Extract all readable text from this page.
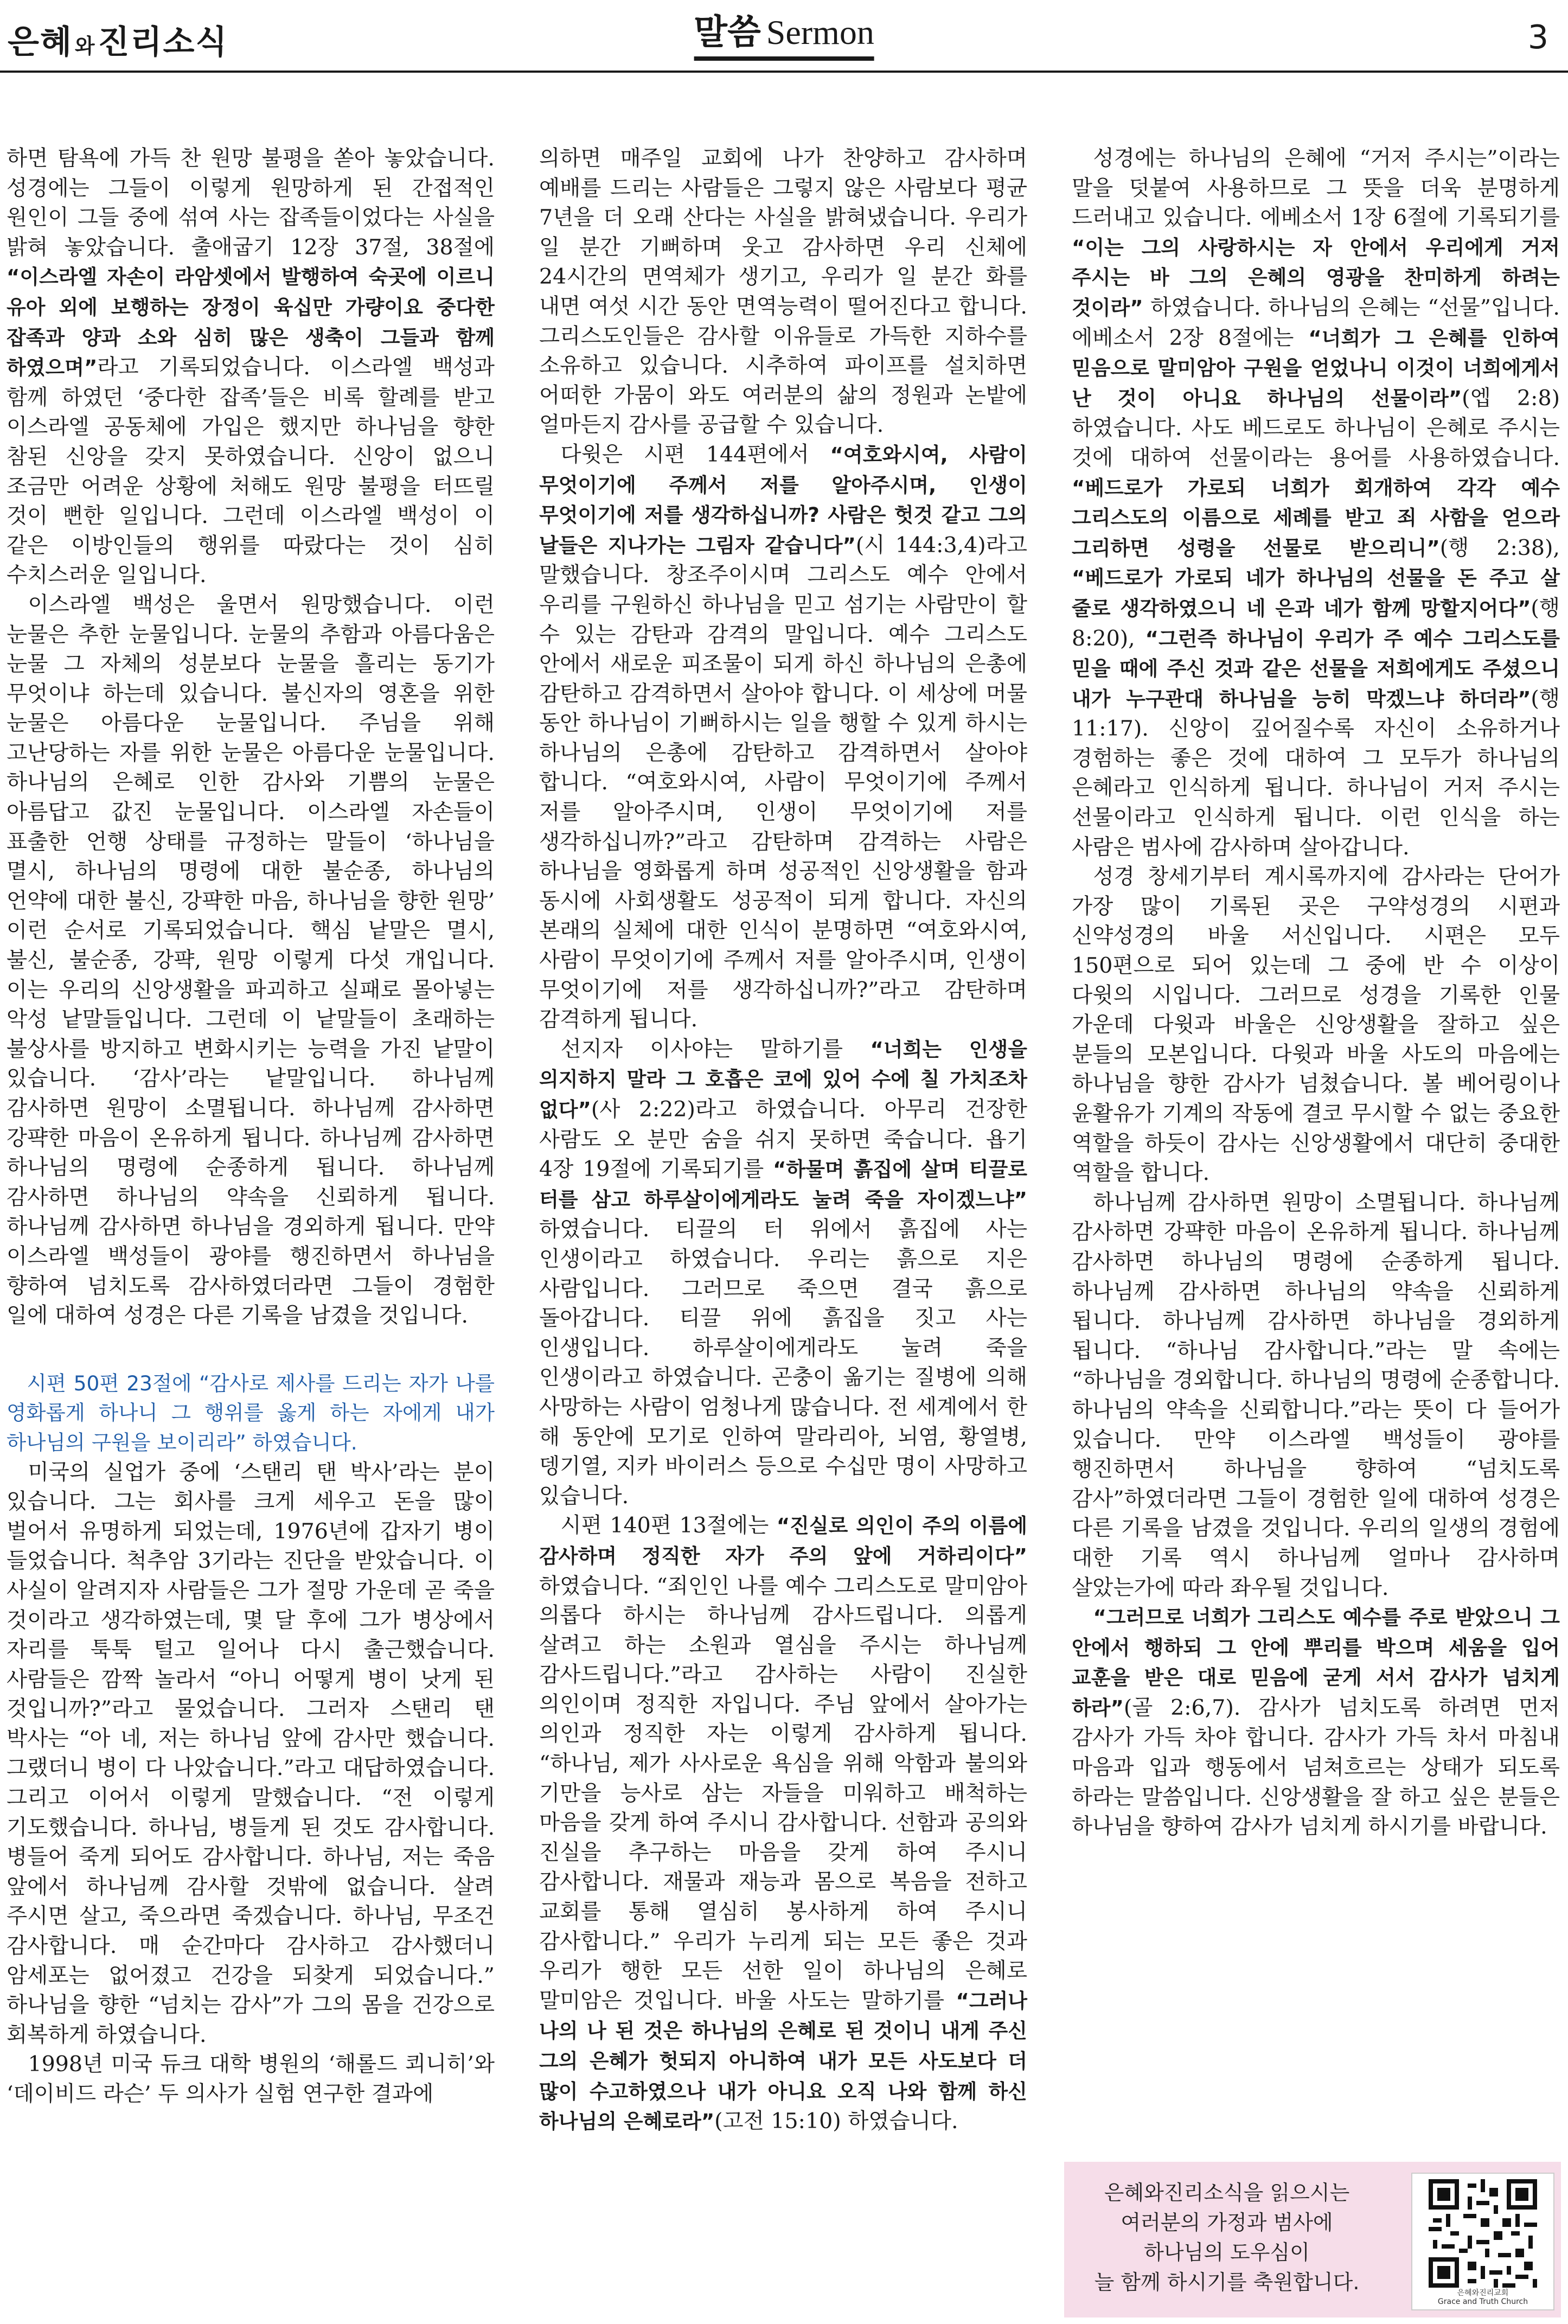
은혜 와진리소식	말씀 Sermon	3

하면 탐욕에 가득 찬 원망 불평을 쏟아 놓았습니다. 성경에는 그들이 이렇게 원망하게 된 간접적인 원인이 그들 중에 섞여 사는 잡족들이었다는 사실을 밝혀 놓았습니다. 출애굽기 12장 37절, 38절에 “이스라엘 자손이 라암셋에서 발행하여 숙곳에 이르니 유아 외에 보행하는 장정이 육십만 가량이요 중다한 잡족과 양과 소와 심히 많은 생축이 그들과 함께 하였으며”라고 기록되었습니다. 이스라엘 백성과 함께 하였던 ‘중다한 잡족’들은 비록 할례를 받고 이스라엘 공동체에 가입은 했지만 하나님을 향한 참된 신앙을 갖지 못하였습니다. 신앙이 없으니 조금만 어려운 상황에 처해도 원망 불평을 터뜨릴 것이 뻔한 일입니다. 그런데 이스라엘 백성이 이 같은 이방인들의 행위를 따랐다는 것이 심히 수치스러운 일입니다.

이스라엘 백성은 울면서 원망했습니다. 이런 눈물은 추한 눈물입니다. 눈물의 추함과 아름다움은 눈물 그 자체의 성분보다 눈물을 흘리는 동기가 무엇이냐 하는데 있습니다. 불신자의 영혼을 위한 눈물은 아름다운 눈물입니다. 주님을 위해 고난당하는 자를 위한 눈물은 아름다운 눈물입니다. 하나님의 은혜로 인한 감사와 기쁨의 눈물은 아름답고 값진 눈물입니다. 이스라엘 자손들이 표출한 언행 상태를 규정하는 말들이 ‘하나님을 멸시, 하나님의 명령에 대한 불순종, 하나님의 언약에 대한 불신, 강퍅한 마음, 하나님을 향한 원망’ 이런 순서로 기록되었습니다. 핵심 낱말은 멸시, 불신, 불순종, 강퍅, 원망 이렇게 다섯 개입니다. 이는 우리의 신앙생활을 파괴하고 실패로 몰아넣는 악성 낱말들입니다. 그런데 이 낱말들이 초래하는 불상사를 방지하고 변화시키는 능력을 가진 낱말이 있습니다. ‘감사’라는 낱말입니다. 하나님께 감사하면 원망이 소멸됩니다. 하나님께 감사하면 강퍅한 마음이 온유하게 됩니다. 하나님께 감사하면 하나님의 명령에 순종하게 됩니다. 하나님께 감사하면 하나님의 약속을 신뢰하게 됩니다. 하나님께 감사하면 하나님을 경외하게 됩니다. 만약 이스라엘 백성들이 광야를 행진하면서 하나님을 향하여 넘치도록 감사하였더라면 그들이 경험한 일에 대하여 성경은 다른 기록을 남겼을 것입니다.

시편 50편 23절에 “감사로 제사를 드리는 자가 나를 영화롭게 하나니 그 행위를 옳게 하는 자에게 내가 하나님의 구원을 보이리라” 하였습니다.

미국의 실업가 중에 ‘스탠리 탠 박사’라는 분이 있습니다. 그는 회사를 크게 세우고 돈을 많이 벌어서 유명하게 되었는데, 1976년에 갑자기 병이 들었습니다. 척추암 3기라는 진단을 받았습니다. 이 사실이 알려지자 사람들은 그가 절망 가운데 곧 죽을 것이라고 생각하였는데, 몇 달 후에 그가 병상에서 자리를 툭툭 털고 일어나 다시 출근했습니다. 사람들은 깜짝 놀라서 “아니 어떻게 병이 낫게 된 것입니까?”라고 물었습니다. 그러자 스탠리 탠 박사는 “아 네, 저는 하나님 앞에 감사만 했습니다. 그랬더니 병이 다 나았습니다.”라고 대답하였습니다. 그리고 이어서 이렇게 말했습니다. “전 이렇게 기도했습니다. 하나님, 병들게 된 것도 감사합니다. 병들어 죽게 되어도 감사합니다. 하나님, 저는 죽음 앞에서 하나님께 감사할 것밖에 없습니다. 살려 주시면 살고, 죽으라면 죽겠습니다. 하나님, 무조건 감사합니다. 매 순간마다 감사하고 감사했더니 암세포는 없어졌고 건강을 되찾게 되었습니다.” 하나님을 향한 “넘치는 감사”가 그의 몸을 건강으로 회복하게 하였습니다.

1998년 미국 듀크 대학 병원의 ‘해롤드 쾨니히’와 ‘데이비드 라슨’ 두 의사가 실험 연구한 결과에

의하면 매주일 교회에 나가 찬양하고 감사하며 예배를 드리는 사람들은 그렇지 않은 사람보다 평균 7년을 더 오래 산다는 사실을 밝혀냈습니다. 우리가 일 분간 기뻐하며 웃고 감사하면 우리 신체에 24시간의 면역체가 생기고, 우리가 일 분간 화를 내면 여섯 시간 동안 면역능력이 떨어진다고 합니다. 그리스도인들은 감사할 이유들로 가득한 지하수를 소유하고 있습니다. 시추하여 파이프를 설치하면 어떠한 가뭄이 와도 여러분의 삶의 정원과 논밭에 얼마든지 감사를 공급할 수 있습니다.

다윗은 시편 144편에서 “여호와시여, 사람이 무엇이기에 주께서 저를 알아주시며, 인생이 무엇이기에 저를 생각하십니까? 사람은 헛것 같고 그의 날들은 지나가는 그림자 같습니다”(시 144:3,4)라고 말했습니다. 창조주이시며 그리스도 예수 안에서 우리를 구원하신 하나님을 믿고 섬기는 사람만이 할 수 있는 감탄과 감격의 말입니다. 예수 그리스도 안에서 새로운 피조물이 되게 하신 하나님의 은총에 감탄하고 감격하면서 살아야 합니다. 이 세상에 머물 동안 하나님이 기뻐하시는 일을 행할 수 있게 하시는 하나님의 은총에 감탄하고 감격하면서 살아야 합니다. “여호와시여, 사람이 무엇이기에 주께서 저를 알아주시며, 인생이 무엇이기에 저를 생각하십니까?”라고 감탄하며 감격하는 사람은 하나님을 영화롭게 하며 성공적인 신앙생활을 함과 동시에 사회생활도 성공적이 되게 합니다. 자신의 본래의 실체에 대한 인식이 분명하면 “여호와시여, 사람이 무엇이기에 주께서 저를 알아주시며, 인생이 무엇이기에 저를 생각하십니까?”라고 감탄하며 감격하게 됩니다.

선지자 이사야는 말하기를 “너희는 인생을 의지하지 말라 그 호흡은 코에 있어 수에 칠 가치조차 없다”(사 2:22)라고 하였습니다. 아무리 건장한 사람도 오 분만 숨을 쉬지 못하면 죽습니다. 욥기 4장 19절에 기록되기를 “하물며 흙집에 살며 티끌로 터를 삼고 하루살이에게라도 눌려 죽을 자이겠느냐” 하였습니다. 티끌의 터 위에서 흙집에 사는 인생이라고 하였습니다. 우리는 흙으로 지은 사람입니다. 그러므로 죽으면 결국 흙으로 돌아갑니다. 티끌 위에 흙집을 짓고 사는 인생입니다. 하루살이에게라도 눌려 죽을 인생이라고 하였습니다. 곤충이 옮기는 질병에 의해 사망하는 사람이 엄청나게 많습니다. 전 세계에서 한 해 동안에 모기로 인하여 말라리아, 뇌염, 황열병, 뎅기열, 지카 바이러스 등으로 수십만 명이 사망하고 있습니다.

시편 140편 13절에는 “진실로 의인이 주의 이름에 감사하며 정직한 자가 주의 앞에 거하리이다” 하였습니다. “죄인인 나를 예수 그리스도로 말미암아 의롭다 하시는 하나님께 감사드립니다. 의롭게 살려고 하는 소원과 열심을 주시는 하나님께 감사드립니다.”라고 감사하는 사람이 진실한 의인이며 정직한 자입니다. 주님 앞에서 살아가는 의인과 정직한 자는 이렇게 감사하게 됩니다. “하나님, 제가 사사로운 욕심을 위해 악함과 불의와 기만을 능사로 삼는 자들을 미워하고 배척하는 마음을 갖게 하여 주시니 감사합니다. 선함과 공의와 진실을 추구하는 마음을 갖게 하여 주시니 감사합니다. 재물과 재능과 몸으로 복음을 전하고 교회를 통해 열심히 봉사하게 하여 주시니 감사합니다.” 우리가 누리게 되는 모든 좋은 것과 우리가 행한 모든 선한 일이 하나님의 은혜로 말미암은 것입니다. 바울 사도는 말하기를 “그러나 나의 나 된 것은 하나님의 은혜로 된 것이니 내게 주신 그의 은혜가 헛되지 아니하여 내가 모든 사도보다 더 많이 수고하였으나 내가 아니요 오직 나와 함께 하신 하나님의 은혜로라”(고전 15:10) 하였습니다.

성경에는 하나님의 은혜에 “거저 주시는”이라는 말을 덧붙여 사용하므로 그 뜻을 더욱 분명하게 드러내고 있습니다. 에베소서 1장 6절에 기록되기를 “이는 그의 사랑하시는 자 안에서 우리에게 거저 주시는 바 그의 은혜의 영광을 찬미하게 하려는 것이라” 하였습니다. 하나님의 은혜는 “선물”입니다. 에베소서 2장 8절에는 “너희가 그 은혜를 인하여 믿음으로 말미암아 구원을 얻었나니 이것이 너희에게서 난 것이 아니요 하나님의 선물이라”(엡 2:8) 하였습니다. 사도 베드로도 하나님이 은혜로 주시는 것에 대하여 선물이라는 용어를 사용하였습니다. “베드로가 가로되 너희가 회개하여 각각 예수 그리스도의 이름으로 세례를 받고 죄 사함을 얻으라 그리하면 성령을 선물로 받으리니”(행 2:38), “베드로가 가로되 네가 하나님의 선물을 돈 주고 살 줄로 생각하였으니 네 은과 네가 함께 망할지어다”(행 8:20), “그런즉 하나님이 우리가 주 예수 그리스도를 믿을 때에 주신 것과 같은 선물을 저희에게도 주셨으니 내가 누구관대 하나님을 능히 막겠느냐 하더라”(행 11:17). 신앙이 깊어질수록 자신이 소유하거나 경험하는 좋은 것에 대하여 그 모두가 하나님의 은혜라고 인식하게 됩니다. 하나님이 거저 주시는 선물이라고 인식하게 됩니다. 이런 인식을 하는 사람은 범사에 감사하며 살아갑니다.

성경 창세기부터 계시록까지에 감사라는 단어가 가장 많이 기록된 곳은 구약성경의 시편과 신약성경의 바울 서신입니다. 시편은 모두 150편으로 되어 있는데 그 중에 반 수 이상이 다윗의 시입니다. 그러므로 성경을 기록한 인물 가운데 다윗과 바울은 신앙생활을 잘하고 싶은 분들의 모본입니다. 다윗과 바울 사도의 마음에는 하나님을 향한 감사가 넘쳤습니다. 볼 베어링이나 윤활유가 기계의 작동에 결코 무시할 수 없는 중요한 역할을 하듯이 감사는 신앙생활에서 대단히 중대한 역할을 합니다.

하나님께 감사하면 원망이 소멸됩니다. 하나님께 감사하면 강퍅한 마음이 온유하게 됩니다. 하나님께 감사하면 하나님의 명령에 순종하게 됩니다. 하나님께 감사하면 하나님의 약속을 신뢰하게 됩니다. 하나님께 감사하면 하나님을 경외하게 됩니다. “하나님 감사합니다.”라는 말 속에는 “하나님을 경외합니다. 하나님의 명령에 순종합니다. 하나님의 약속을 신뢰합니다.”라는 뜻이 다 들어가 있습니다. 만약 이스라엘 백성들이 광야를 행진하면서 하나님을 향하여 “넘치도록 감사”하였더라면 그들이 경험한 일에 대하여 성경은 다른 기록을 남겼을 것입니다. 우리의 일생의 경험에 대한 기록 역시 하나님께 얼마나 감사하며 살았는가에 따라 좌우될 것입니다.

“그러므로 너희가 그리스도 예수를 주로 받았으니 그 안에서 행하되 그 안에 뿌리를 박으며 세움을 입어 교훈을 받은 대로 믿음에 굳게 서서 감사가 넘치게 하라”(골 2:6,7). 감사가 넘치도록 하려면 먼저 감사가 가득 차야 합니다. 감사가 가득 차서 마침내 마음과 입과 행동에서 넘쳐흐르는 상태가 되도록 하라는 말씀입니다. 신앙생활을 잘 하고 싶은 분들은 하나님을 향하여 감사가 넘치게 하시기를 바랍니다.

은혜와진리소식을 읽으시는
여러분의 가정과 범사에
하나님의 도우심이
늘 함께 하시기를 축원합니다.	은혜와진리교회
Grace and Truth Church
